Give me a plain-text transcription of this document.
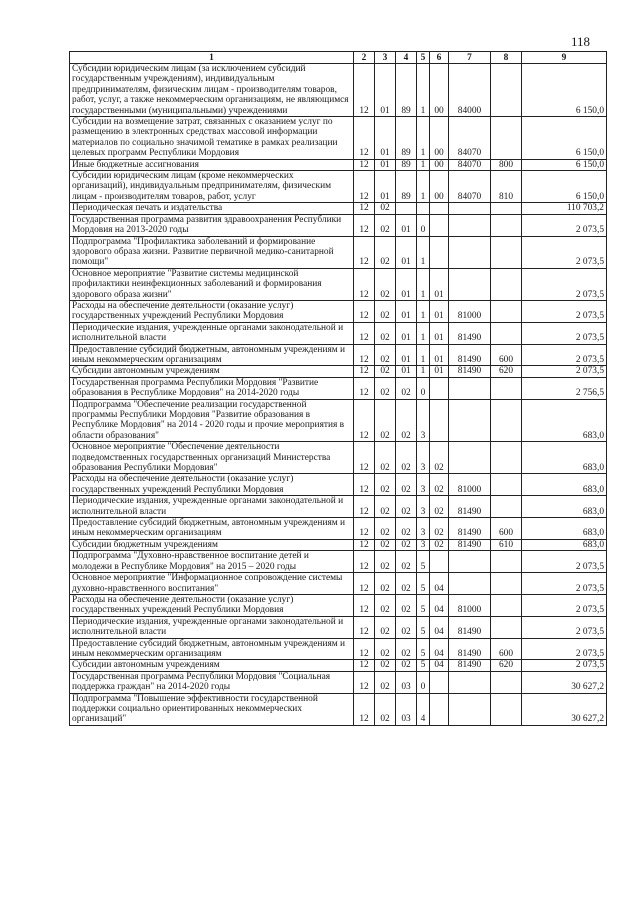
118
1	2	3	4	5	6	7	8	9
Субсидии юридическим лицам (за исключением субсидий государственным учреждениям), индивидуальным предпринимателям, физическим лицам - производителям товаров, работ, услуг, а также некоммерческим организациям, не являющимся государственными (муниципальными) учреждениями	12	01	89	1	00	84000		6 150,0
Субсидии на возмещение затрат, связанных с оказанием услуг по размещению в электронных средствах массовой информации материалов по социально значимой тематике в рамках реализации целевых программ Республики Мордовия	12	01	89	1	00	84070		6 150,0
Иные бюджетные ассигнования	12	01	89	1	00	84070	800	6 150,0
Субсидии юридическим лицам (кроме некоммерческих организаций), индивидуальным предпринимателям, физическим лицам - производителям товаров, работ, услуг	12	01	89	1	00	84070	810	6 150,0
Периодическая печать и издательства	12	02						110 703,2
Государственная программа развития здравоохранения Республики Мордовия на 2013-2020 годы	12	02	01	0				2 073,5
Подпрограмма "Профилактика заболеваний и формирование здорового образа жизни. Развитие первичной медико-санитарной помощи"	12	02	01	1				2 073,5
Основное мероприятие "Развитие системы медицинской профилактики неинфекционных заболеваний и формирования здорового образа жизни"	12	02	01	1	01			2 073,5
Расходы на обеспечение деятельности (оказание услуг) государственных учреждений Республики Мордовия	12	02	01	1	01	81000		2 073,5
Периодические издания, учрежденные органами законодательной и исполнительной власти	12	02	01	1	01	81490		2 073,5
Предоставление субсидий бюджетным, автономным учреждениям и иным некоммерческим организациям	12	02	01	1	01	81490	600	2 073,5
Субсидии автономным учреждениям	12	02	01	1	01	81490	620	2 073,5
Государственная программа Республики Мордовия "Развитие образования в Республике Мордовия" на 2014-2020 годы	12	02	02	0				2 756,5
Подпрограмма "Обеспечение реализации государственной программы Республики Мордовия "Развитие образования в Республике Мордовия" на 2014 - 2020 годы и прочие мероприятия в области образования"	12	02	02	3				683,0
Основное мероприятие "Обеспечение деятельности подведомственных государственных организаций Министерства образования Республики Мордовия"	12	02	02	3	02			683,0
Расходы на обеспечение деятельности (оказание услуг) государственных учреждений Республики Мордовия	12	02	02	3	02	81000		683,0
Периодические издания, учрежденные органами законодательной и исполнительной власти	12	02	02	3	02	81490		683,0
Предоставление субсидий бюджетным, автономным учреждениям и иным некоммерческим организациям	12	02	02	3	02	81490	600	683,0
Субсидии бюджетным учреждениям	12	02	02	3	02	81490	610	683,0
Подпрограмма "Духовно-нравственное воспитание детей и молодежи в Республике Мордовия" на 2015 – 2020 годы	12	02	02	5				2 073,5
Основное мероприятие "Информационное сопровождение системы духовно-нравственного воспитания"	12	02	02	5	04			2 073,5
Расходы на обеспечение деятельности (оказание услуг) государственных учреждений Республики Мордовия	12	02	02	5	04	81000		2 073,5
Периодические издания, учрежденные органами законодательной и исполнительной власти	12	02	02	5	04	81490		2 073,5
Предоставление субсидий бюджетным, автономным учреждениям и иным некоммерческим организациям	12	02	02	5	04	81490	600	2 073,5
Субсидии автономным учреждениям	12	02	02	5	04	81490	620	2 073,5
Государственная программа Республики Мордовия "Социальная поддержка граждан" на 2014-2020 годы	12	02	03	0				30 627,2
Подпрограмма "Повышение эффективности государственной поддержки социально ориентированных некоммерческих организаций"	12	02	03	4				30 627,2
